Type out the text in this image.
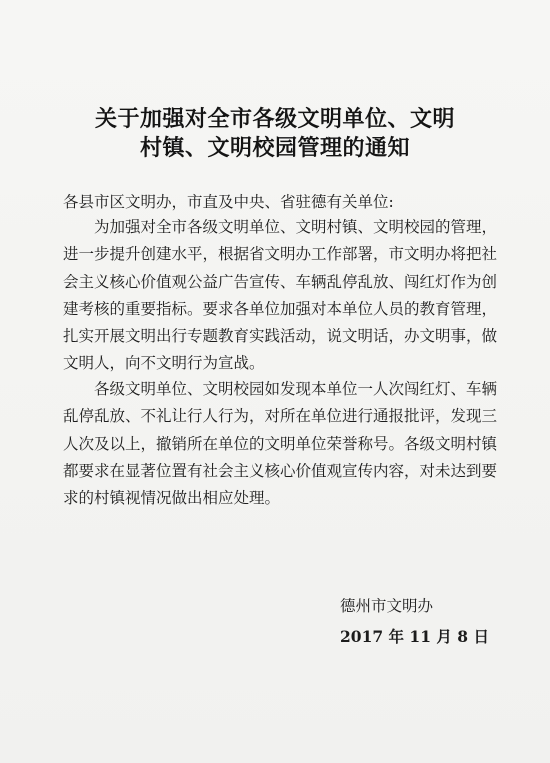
关于加强对全市各级文明单位、文明
村镇、文明校园管理的通知
各县市区文明办，市直及中央、省驻德有关单位:
为加强对全市各级文明单位、文明村镇、文明校园的管理，
进一步提升创建水平，根据省文明办工作部署，市文明办将把社
会主义核心价值观公益广告宣传、车辆乱停乱放、闯红灯作为创
建考核的重要指标。要求各单位加强对本单位人员的教育管理，
扎实开展文明出行专题教育实践活动，说文明话，办文明事，做
文明人，向不文明行为宣战。
各级文明单位、文明校园如发现本单位一人次闯红灯、车辆
乱停乱放、不礼让行人行为，对所在单位进行通报批评，发现三
人次及以上，撤销所在单位的文明单位荣誉称号。各级文明村镇
都要求在显著位置有社会主义核心价值观宣传内容，对未达到要
求的村镇视情况做出相应处理。
德州市文明办
2017 年 11 月 8 日
